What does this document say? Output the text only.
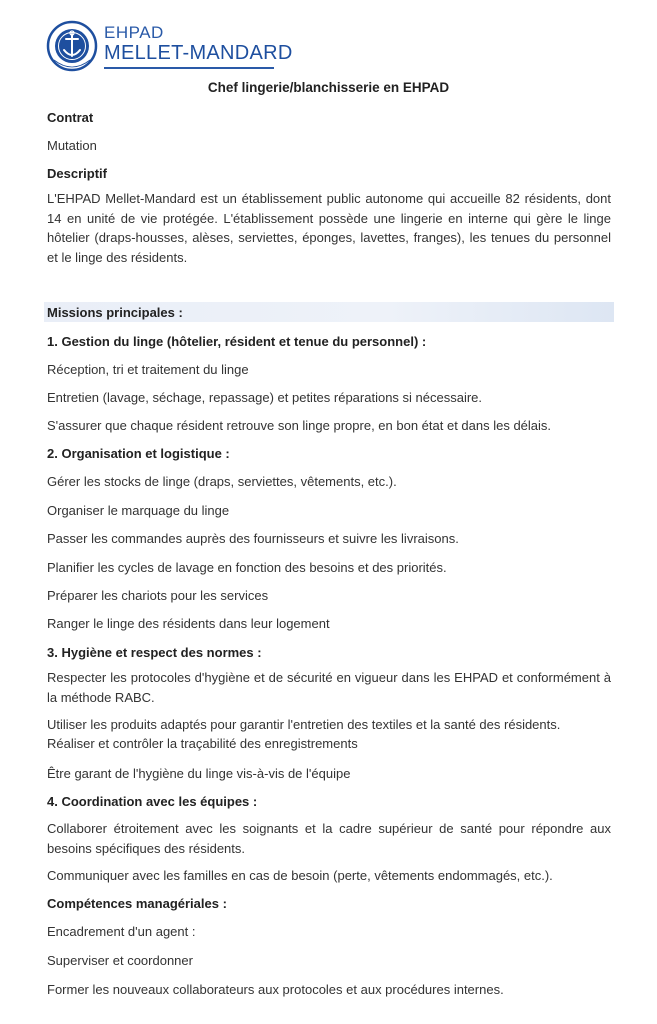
EHPAD
MELLET-MANDARD
Chef lingerie/blanchisserie en EHPAD
Contrat
Mutation
Descriptif
L'EHPAD Mellet-Mandard est un établissement public autonome qui accueille 82 résidents, dont 14 en unité de vie protégée. L'établissement possède une lingerie en interne qui gère le linge hôtelier (draps-housses, alèses, serviettes, éponges, lavettes, franges), les tenues du personnel et le linge des résidents.
Missions principales :
1. Gestion du linge (hôtelier, résident et tenue du personnel) :
Réception, tri et traitement du linge
Entretien (lavage, séchage, repassage) et petites réparations si nécessaire.
S'assurer que chaque résident retrouve son linge propre, en bon état et dans les délais.
2. Organisation et logistique :
Gérer les stocks de linge (draps, serviettes, vêtements, etc.).
Organiser le marquage du linge
Passer les commandes auprès des fournisseurs et suivre les livraisons.
Planifier les cycles de lavage en fonction des besoins et des priorités.
Préparer les chariots pour les services
Ranger le linge des résidents dans leur logement
3. Hygiène et respect des normes :
Respecter les protocoles d'hygiène et de sécurité en vigueur dans les EHPAD et conformément à la méthode RABC.
Utiliser les produits adaptés pour garantir l'entretien des textiles et la santé des résidents.
Réaliser et contrôler la traçabilité des enregistrements
Être garant de l'hygiène du linge vis-à-vis de l'équipe
4. Coordination avec les équipes :
Collaborer étroitement avec les soignants et la cadre supérieur de santé pour répondre aux besoins spécifiques des résidents.
Communiquer avec les familles en cas de besoin (perte, vêtements endommagés, etc.).
Compétences managériales :
Encadrement d'un agent :
Superviser et coordonner
Former les nouveaux collaborateurs aux protocoles et aux procédures internes.
